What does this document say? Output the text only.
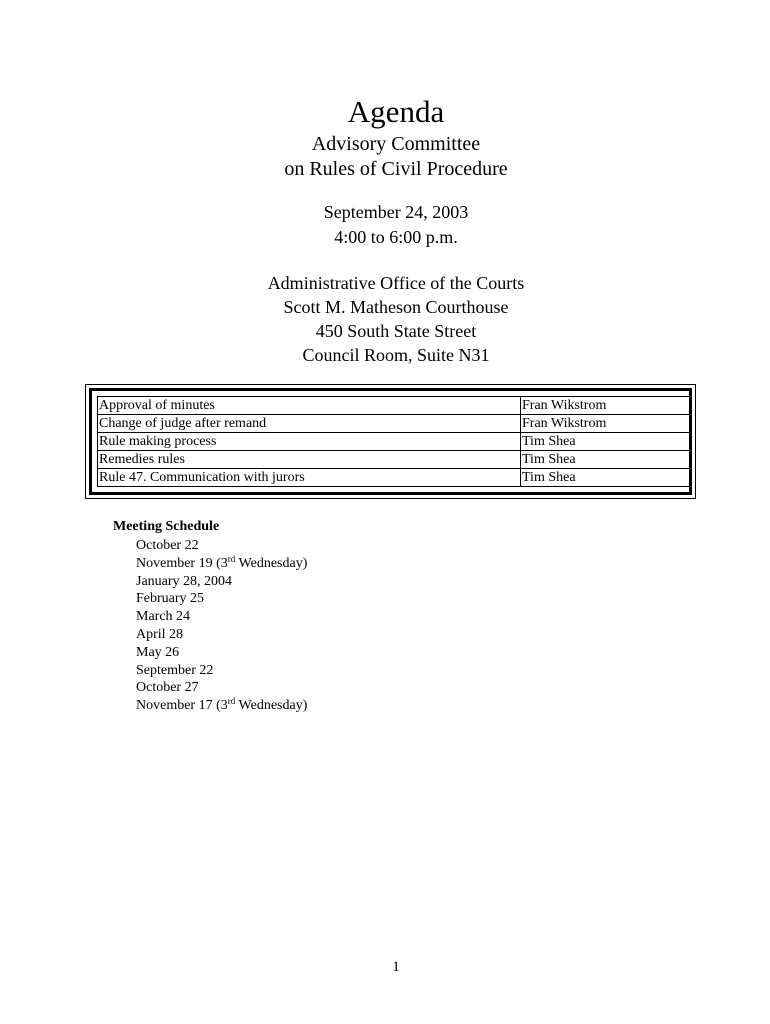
Agenda
Advisory Committee
on Rules of Civil Procedure
September 24, 2003
4:00 to 6:00 p.m.
Administrative Office of the Courts
Scott M. Matheson Courthouse
450 South State Street
Council Room, Suite N31
Approval of minutes	Fran Wikstrom
Change of judge after remand	Fran Wikstrom
Rule making process	Tim Shea
Remedies rules	Tim Shea
Rule 47. Communication with jurors	Tim Shea
Meeting Schedule
October 22
November 19 (3rd Wednesday)
January 28, 2004
February 25
March 24
April 28
May 26
September 22
October 27
November 17 (3rd Wednesday)
1
